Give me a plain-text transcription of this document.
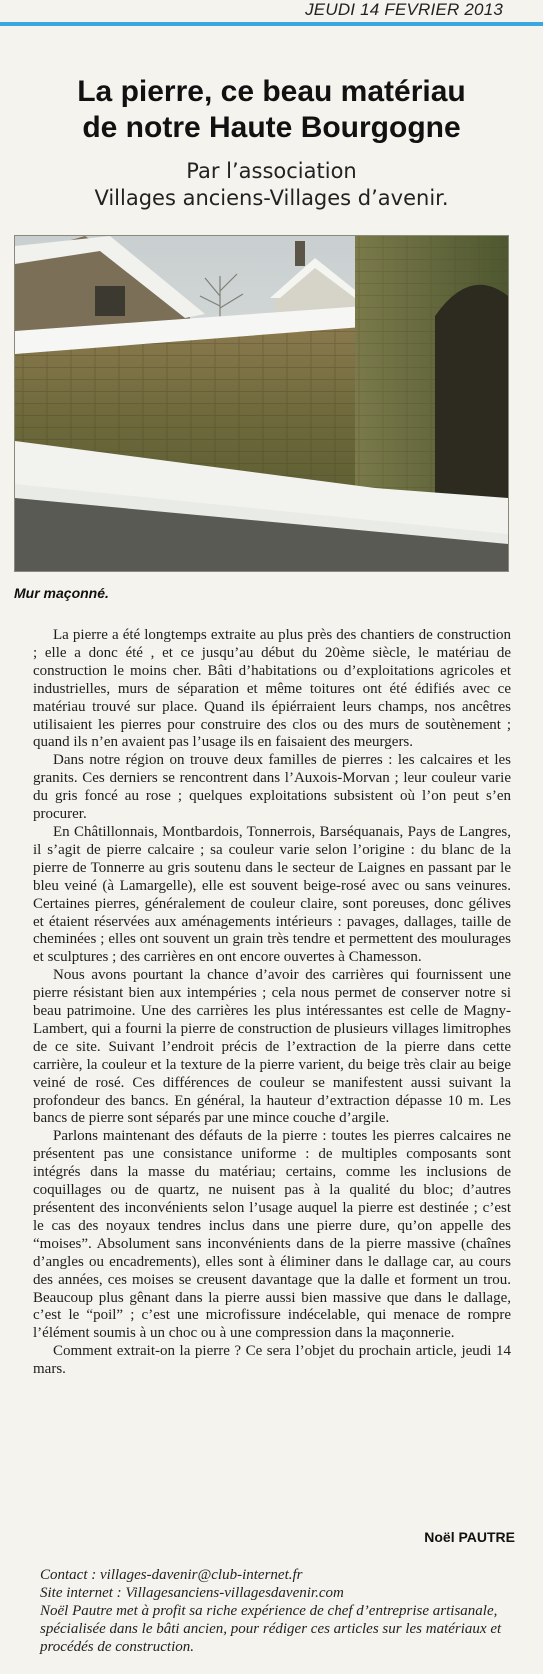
JEUDI 14 FEVRIER 2013
La pierre, ce beau matériau
de notre Haute Bourgogne
Par l’association
Villages anciens-Villages d’avenir.
Mur maçonné.

La pierre a été longtemps extraite au plus près des chantiers de construction ; elle a donc été , et ce jusqu’au début du 20ème siècle, le matériau de construction le moins cher. Bâti d’habitations ou d’exploitations agricoles et industrielles, murs de séparation et même toitures ont été édifiés avec ce matériau trouvé sur place. Quand ils épiérraient leurs champs, nos ancêtres utilisaient les pierres pour construire des clos ou des murs de soutènement ; quand ils n’en avaient pas l’usage ils en faisaient des meurgers.

Dans notre région on trouve deux familles de pierres : les calcaires et les granits. Ces derniers se rencontrent dans l’Auxois-Morvan ; leur couleur varie du gris foncé au rose ; quelques exploitations subsistent où l’on peut s’en procurer.

En Châtillonnais, Montbardois, Tonnerrois, Barséquanais, Pays de Langres, il s’agit de pierre calcaire ; sa couleur varie selon l’origine : du blanc de la pierre de Tonnerre au gris soutenu dans le secteur de Laignes en passant par le bleu veiné (à Lamargelle), elle est souvent beige-rosé avec ou sans veinures. Certaines pierres, généralement de couleur claire, sont poreuses, donc gélives et étaient réservées aux aménagements intérieurs : pavages, dallages, taille de cheminées ; elles ont souvent un grain très tendre et permettent des moulurages et sculptures ; des carrières en ont encore ouvertes à Chamesson.

Nous avons pourtant la chance d’avoir des carrières qui fournissent une pierre résistant bien aux intempéries ; cela nous permet de conserver notre si beau patrimoine. Une des carrières les plus intéressantes est celle de Magny-Lambert, qui a fourni la pierre de construction de plusieurs villages limitrophes de ce site. Suivant l’endroit précis de l’extraction de la pierre dans cette carrière, la couleur et la texture de la pierre varient, du beige très clair au beige veiné de rosé. Ces différences de couleur se manifestent aussi suivant la profondeur des bancs. En général, la hauteur d’extraction dépasse 10 m. Les bancs de pierre sont séparés par une mince couche d’argile.

Parlons maintenant des défauts de la pierre : toutes les pierres calcaires ne présentent pas une consistance uniforme : de multiples composants sont intégrés dans la masse du matériau; certains, comme les inclusions de coquillages ou de quartz, ne nuisent pas à la qualité du bloc; d’autres présentent des inconvénients selon l’usage auquel la pierre est destinée ; c’est le cas des noyaux tendres inclus dans une pierre dure, qu’on appelle des “moises”. Absolument sans inconvénients dans de la pierre massive (chaînes d’angles ou encadrements), elles sont à éliminer dans le dallage car, au cours des années, ces moises se creusent davantage que la dalle et forment un trou. Beaucoup plus gênant dans la pierre aussi bien massive que dans le dallage, c’est le “poil” ; c’est une microfissure indécelable, qui menace de rompre l’élément soumis à un choc ou à une compression dans la maçonnerie.

Comment extrait-on la pierre ? Ce sera l’objet du prochain article, jeudi 14 mars.

Noël PAUTRE
Contact : villages-davenir@club-internet.fr
Site internet : Villagesanciens-villagesdavenir.com
Noël Pautre met à profit sa riche expérience de chef d’entreprise artisanale, spécialisée dans le bâti ancien, pour rédiger ces articles sur les matériaux et procédés de construction.
